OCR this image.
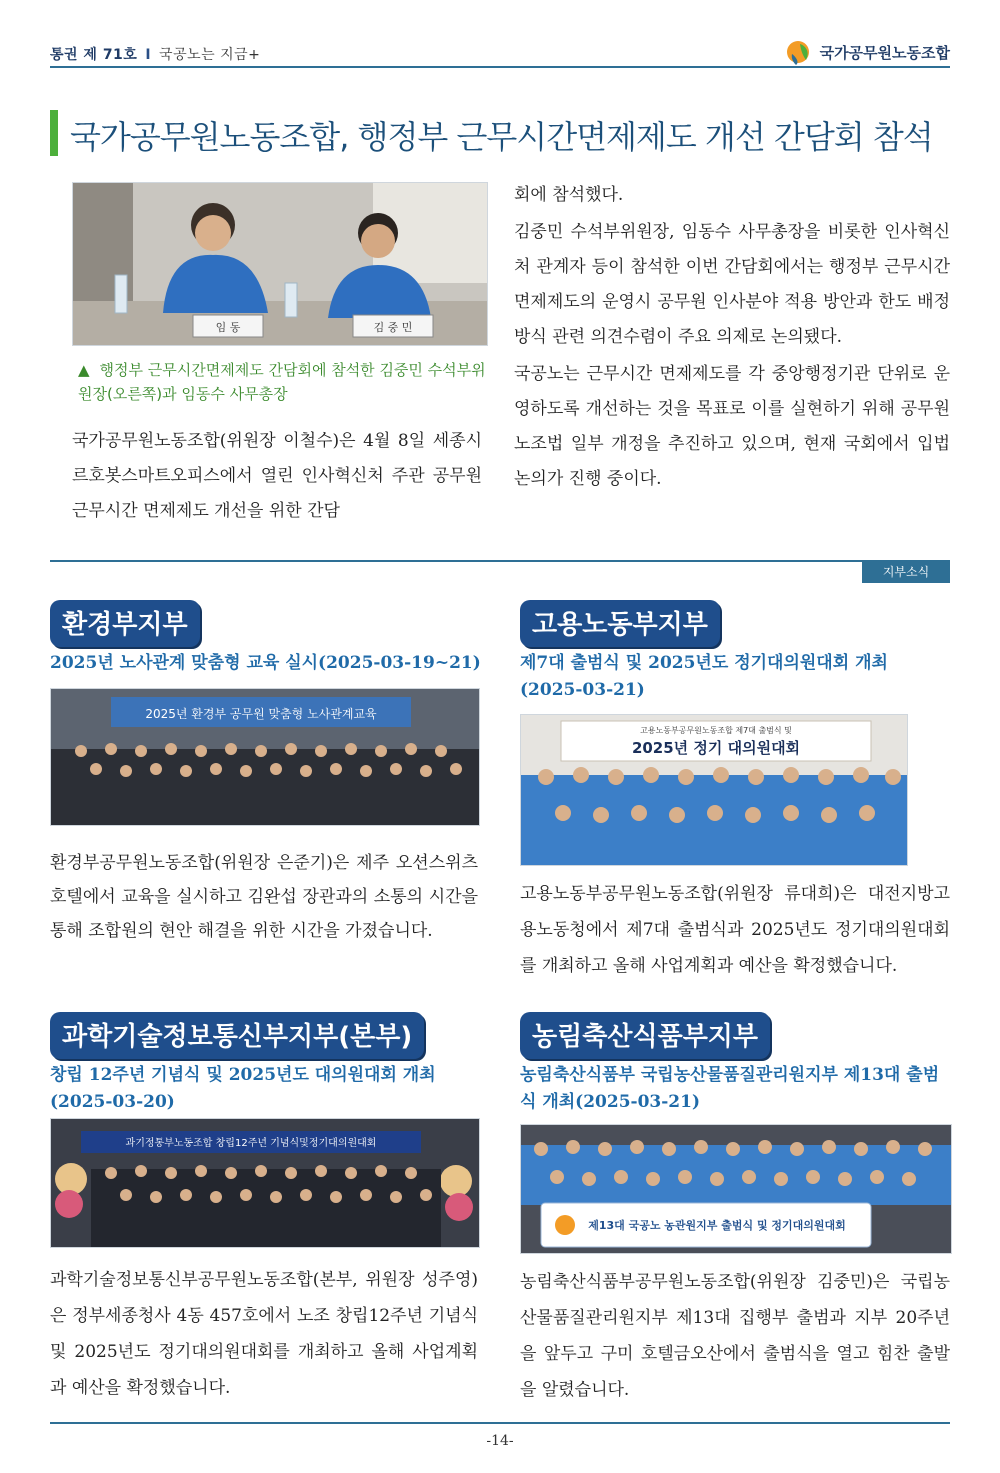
통권 제 71호 I 국공노는 지금+	국가공무원노동조합
국가공무원노동조합, 행정부 근무시간면제제도 개선 간담회 참석
임 동	김 중 민
▲ 행정부 근무시간면제제도 간담회에 참석한 김중민 수석부위원장(오른쪽)과 임동수 사무총장
국가공무원노동조합(위원장 이철수)은 4월 8일 세종시 르호봇스마트오피스에서 열린 인사혁신처 주관 공무원 근무시간 면제제도 개선을 위한 간담
회에 참석했다.
김중민 수석부위원장, 임동수 사무총장을 비롯한 인사혁신처 관계자 등이 참석한 이번 간담회에서는 행정부 근무시간면제제도의 운영시 공무원 인사분야 적용 방안과 한도 배정방식 관련 의견수렴이 주요 의제로 논의됐다.
국공노는 근무시간 면제제도를 각 중앙행정기관 단위로 운영하도록 개선하는 것을 목표로 이를 실현하기 위해 공무원노조법 일부 개정을 추진하고 있으며, 현재 국회에서 입법 논의가 진행 중이다.
지부소식
환경부지부
2025년 노사관계 맞춤형 교육 실시(2025-03-19~21)
2025년 환경부 공무원 맞춤형 노사관계교육
환경부공무원노동조합(위원장 은준기)은 제주 오션스위츠호텔에서 교육을 실시하고 김완섭 장관과의 소통의 시간을 통해 조합원의 현안 해결을 위한 시간을 가졌습니다.
고용노동부지부
제7대 출범식 및 2025년도 정기대의원대회 개최 (2025-03-21)
고용노동부공무원노동조합 제7대 출범식 및
2025년 정기 대의원대회
고용노동부공무원노동조합(위원장 류대희)은 대전지방고용노동청에서 제7대 출범식과 2025년도 정기대의원대회를 개최하고 올해 사업계획과 예산을 확정했습니다.
과학기술정보통신부지부(본부)
창립 12주년 기념식 및 2025년도 대의원대회 개최 (2025-03-20)
과기정통부노동조합 창립12주년 기념식및정기대의원대회
과학기술정보통신부공무원노동조합(본부, 위원장 성주영)은 정부세종청사 4동 457호에서 노조 창립12주년 기념식 및 2025년도 정기대의원대회를 개최하고 올해 사업계획과 예산을 확정했습니다.
농림축산식품부지부
농림축산식품부 국립농산물품질관리원지부 제13대 출범식 개최(2025-03-21)
제13대 국공노 농관원지부 출범식 및 정기대의원대회
농림축산식품부공무원노동조합(위원장 김중민)은 국립농산물품질관리원지부 제13대 집행부 출범과 지부 20주년을 앞두고 구미 호텔금오산에서 출범식을 열고 힘찬 출발을 알렸습니다.
-14-
